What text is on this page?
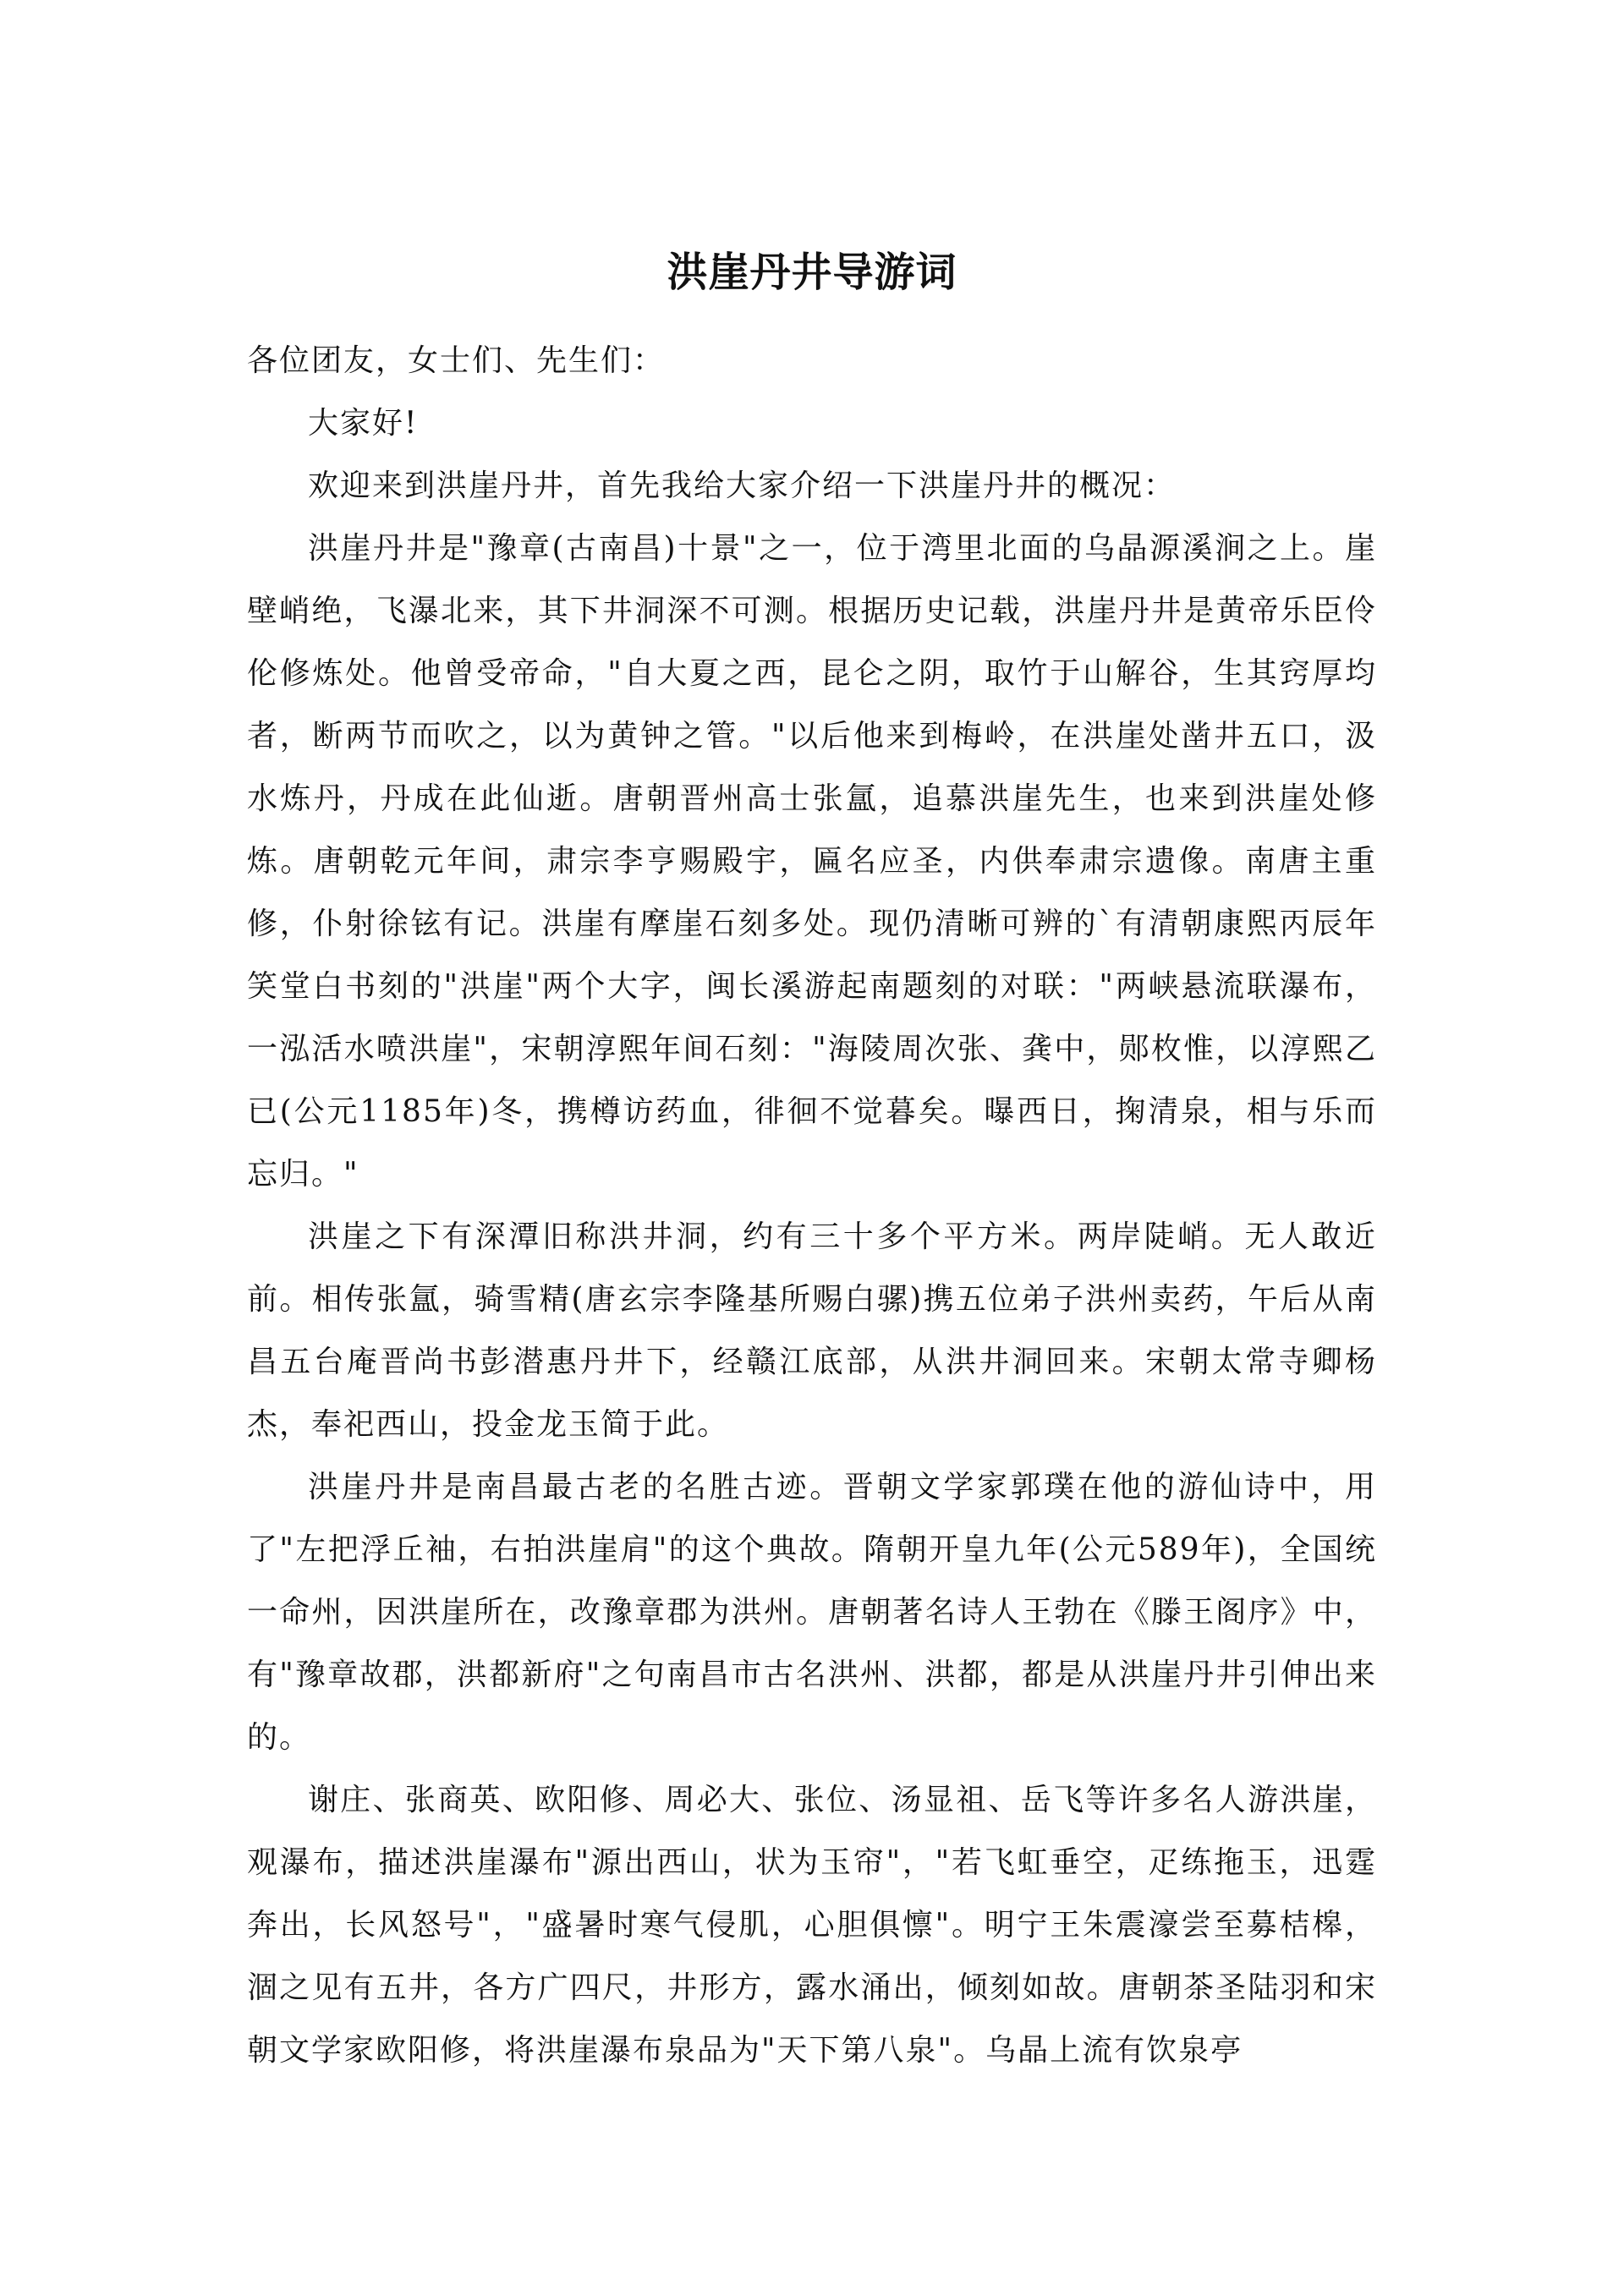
洪崖丹井导游词

各位团友，女士们、先生们：

大家好!

欢迎来到洪崖丹井，首先我给大家介绍一下洪崖丹井的概况：

洪崖丹井是"豫章(古南昌)十景"之一，位于湾里北面的乌晶源溪涧之上。崖壁峭绝，飞瀑北来，其下井洞深不可测。根据历史记载，洪崖丹井是黄帝乐臣伶伦修炼处。他曾受帝命，"自大夏之西，昆仑之阴，取竹于山解谷，生其窍厚均者，断两节而吹之，以为黄钟之管。"以后他来到梅岭，在洪崖处凿井五口，汲水炼丹，丹成在此仙逝。唐朝晋州高士张氲，追慕洪崖先生，也来到洪崖处修炼。唐朝乾元年间，肃宗李亨赐殿宇，匾名应圣，内供奉肃宗遗像。南唐主重修，仆射徐铉有记。洪崖有摩崖石刻多处。现仍清晰可辨的`有清朝康熙丙辰年笑堂白书刻的"洪崖"两个大字，闽长溪游起南题刻的对联："两峡悬流联瀑布，一泓活水喷洪崖"，宋朝淳熙年间石刻："海陵周次张、龚中，郧枚惟，以淳熙乙已(公元1185年)冬，携樽访药血，徘徊不觉暮矣。曝西日，掬清泉，相与乐而忘归。"

洪崖之下有深潭旧称洪井洞，约有三十多个平方米。两岸陡峭。无人敢近前。相传张氲，骑雪精(唐玄宗李隆基所赐白骡)携五位弟子洪州卖药，午后从南昌五台庵晋尚书彭潜惠丹井下，经赣江底部，从洪井洞回来。宋朝太常寺卿杨杰，奉祀西山，投金龙玉简于此。

洪崖丹井是南昌最古老的名胜古迹。晋朝文学家郭璞在他的游仙诗中，用了"左把浮丘袖，右拍洪崖肩"的这个典故。隋朝开皇九年(公元589年)，全国统一命州，因洪崖所在，改豫章郡为洪州。唐朝著名诗人王勃在《滕王阁序》中，有"豫章故郡，洪都新府"之句南昌市古名洪州、洪都，都是从洪崖丹井引伸出来的。

谢庄、张商英、欧阳修、周必大、张位、汤显祖、岳飞等许多名人游洪崖，观瀑布，描述洪崖瀑布"源出西山，状为玉帘"，"若飞虹垂空，疋练拖玉，迅霆奔出，长风怒号"，"盛暑时寒气侵肌，心胆俱懔"。明宁王朱震濠尝至募桔槔，涸之见有五井，各方广四尺，井形方，露水涌出，倾刻如故。唐朝茶圣陆羽和宋朝文学家欧阳修，将洪崖瀑布泉品为"天下第八泉"。乌晶上流有饮泉亭
